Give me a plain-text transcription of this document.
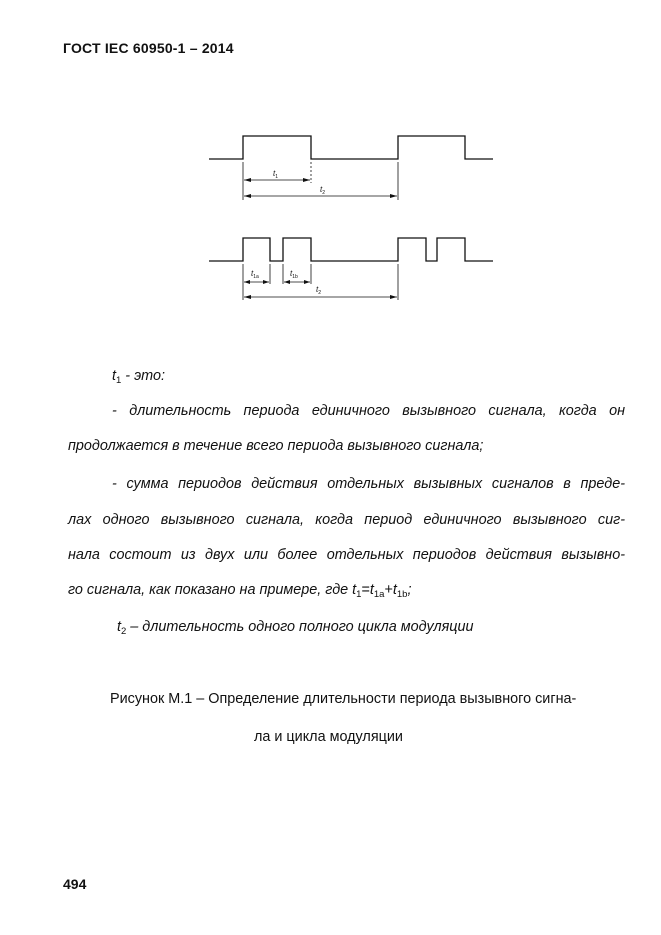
ГОСТ IEC 60950-1 – 2014
$t_1$
$t_2$
$t_{1a}$	$t_{1b}$
$t_2$
$t_1$ - это:
- длительность периода единичного вызывного сигнала, когда он
продолжается в течение всего периода вызывного сигнала;
- сумма периодов действия отдельных вызывных сигналов в преде-
лах одного вызывного сигнала, когда период единичного вызывного сиг-
нала состоит из двух или более отдельных периодов действия вызывно-
го сигнала, как показано на примере, где $t_1=t_{1a}+t_{1b}$;
$t_2$ – длительность одного полного цикла модуляции
Рисунок М.1 – Определение длительности периода вызывного сигна-
ла и цикла модуляции
494
